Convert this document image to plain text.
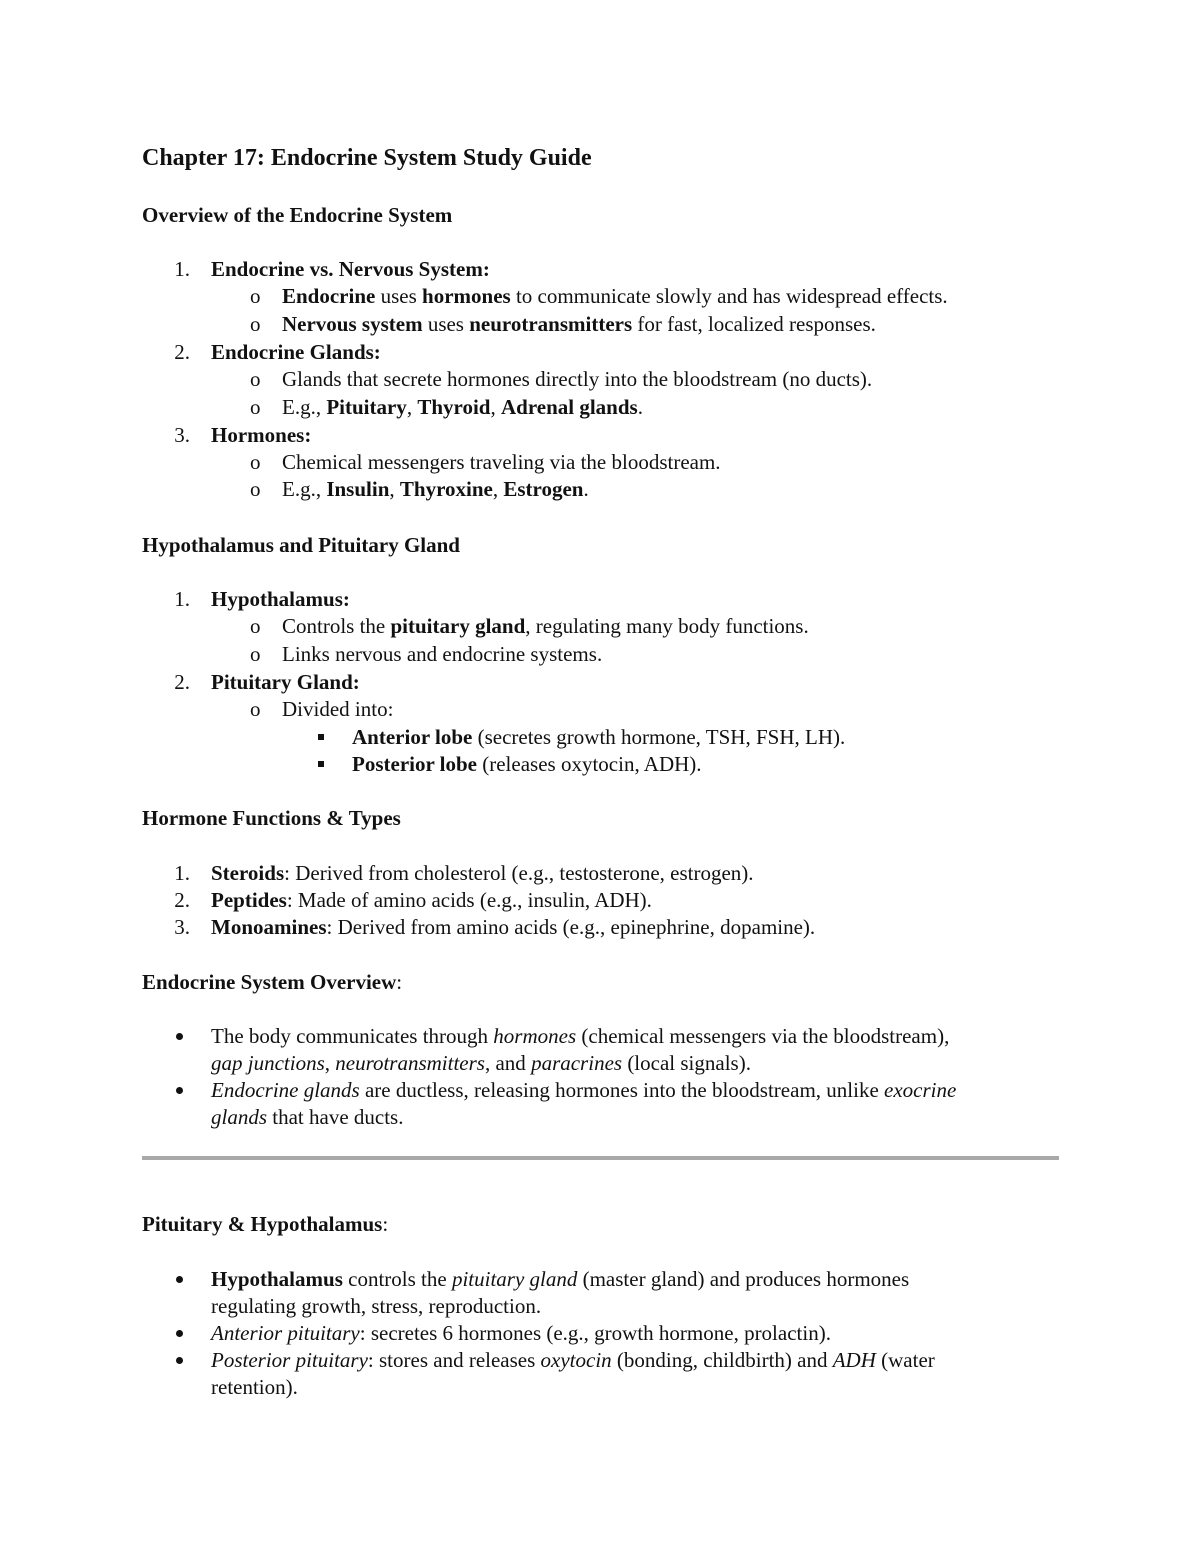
Chapter 17: Endocrine System Study Guide
Overview of the Endocrine System
1. Endocrine vs. Nervous System:
o Endocrine uses hormones to communicate slowly and has widespread effects.
o Nervous system uses neurotransmitters for fast, localized responses.
2. Endocrine Glands:
o Glands that secrete hormones directly into the bloodstream (no ducts).
o E.g., Pituitary, Thyroid, Adrenal glands.
3. Hormones:
o Chemical messengers traveling via the bloodstream.
o E.g., Insulin, Thyroxine, Estrogen.
Hypothalamus and Pituitary Gland
1. Hypothalamus:
o Controls the pituitary gland, regulating many body functions.
o Links nervous and endocrine systems.
2. Pituitary Gland:
o Divided into:
Anterior lobe (secretes growth hormone, TSH, FSH, LH).
Posterior lobe (releases oxytocin, ADH).
Hormone Functions & Types
1. Steroids: Derived from cholesterol (e.g., testosterone, estrogen).
2. Peptides: Made of amino acids (e.g., insulin, ADH).
3. Monoamines: Derived from amino acids (e.g., epinephrine, dopamine).
Endocrine System Overview:
The body communicates through hormones (chemical messengers via the bloodstream),
gap junctions, neurotransmitters, and paracrines (local signals).
Endocrine glands are ductless, releasing hormones into the bloodstream, unlike exocrine
glands that have ducts.
Pituitary & Hypothalamus:
Hypothalamus controls the pituitary gland (master gland) and produces hormones
regulating growth, stress, reproduction.
Anterior pituitary: secretes 6 hormones (e.g., growth hormone, prolactin).
Posterior pituitary: stores and releases oxytocin (bonding, childbirth) and ADH (water
retention).
